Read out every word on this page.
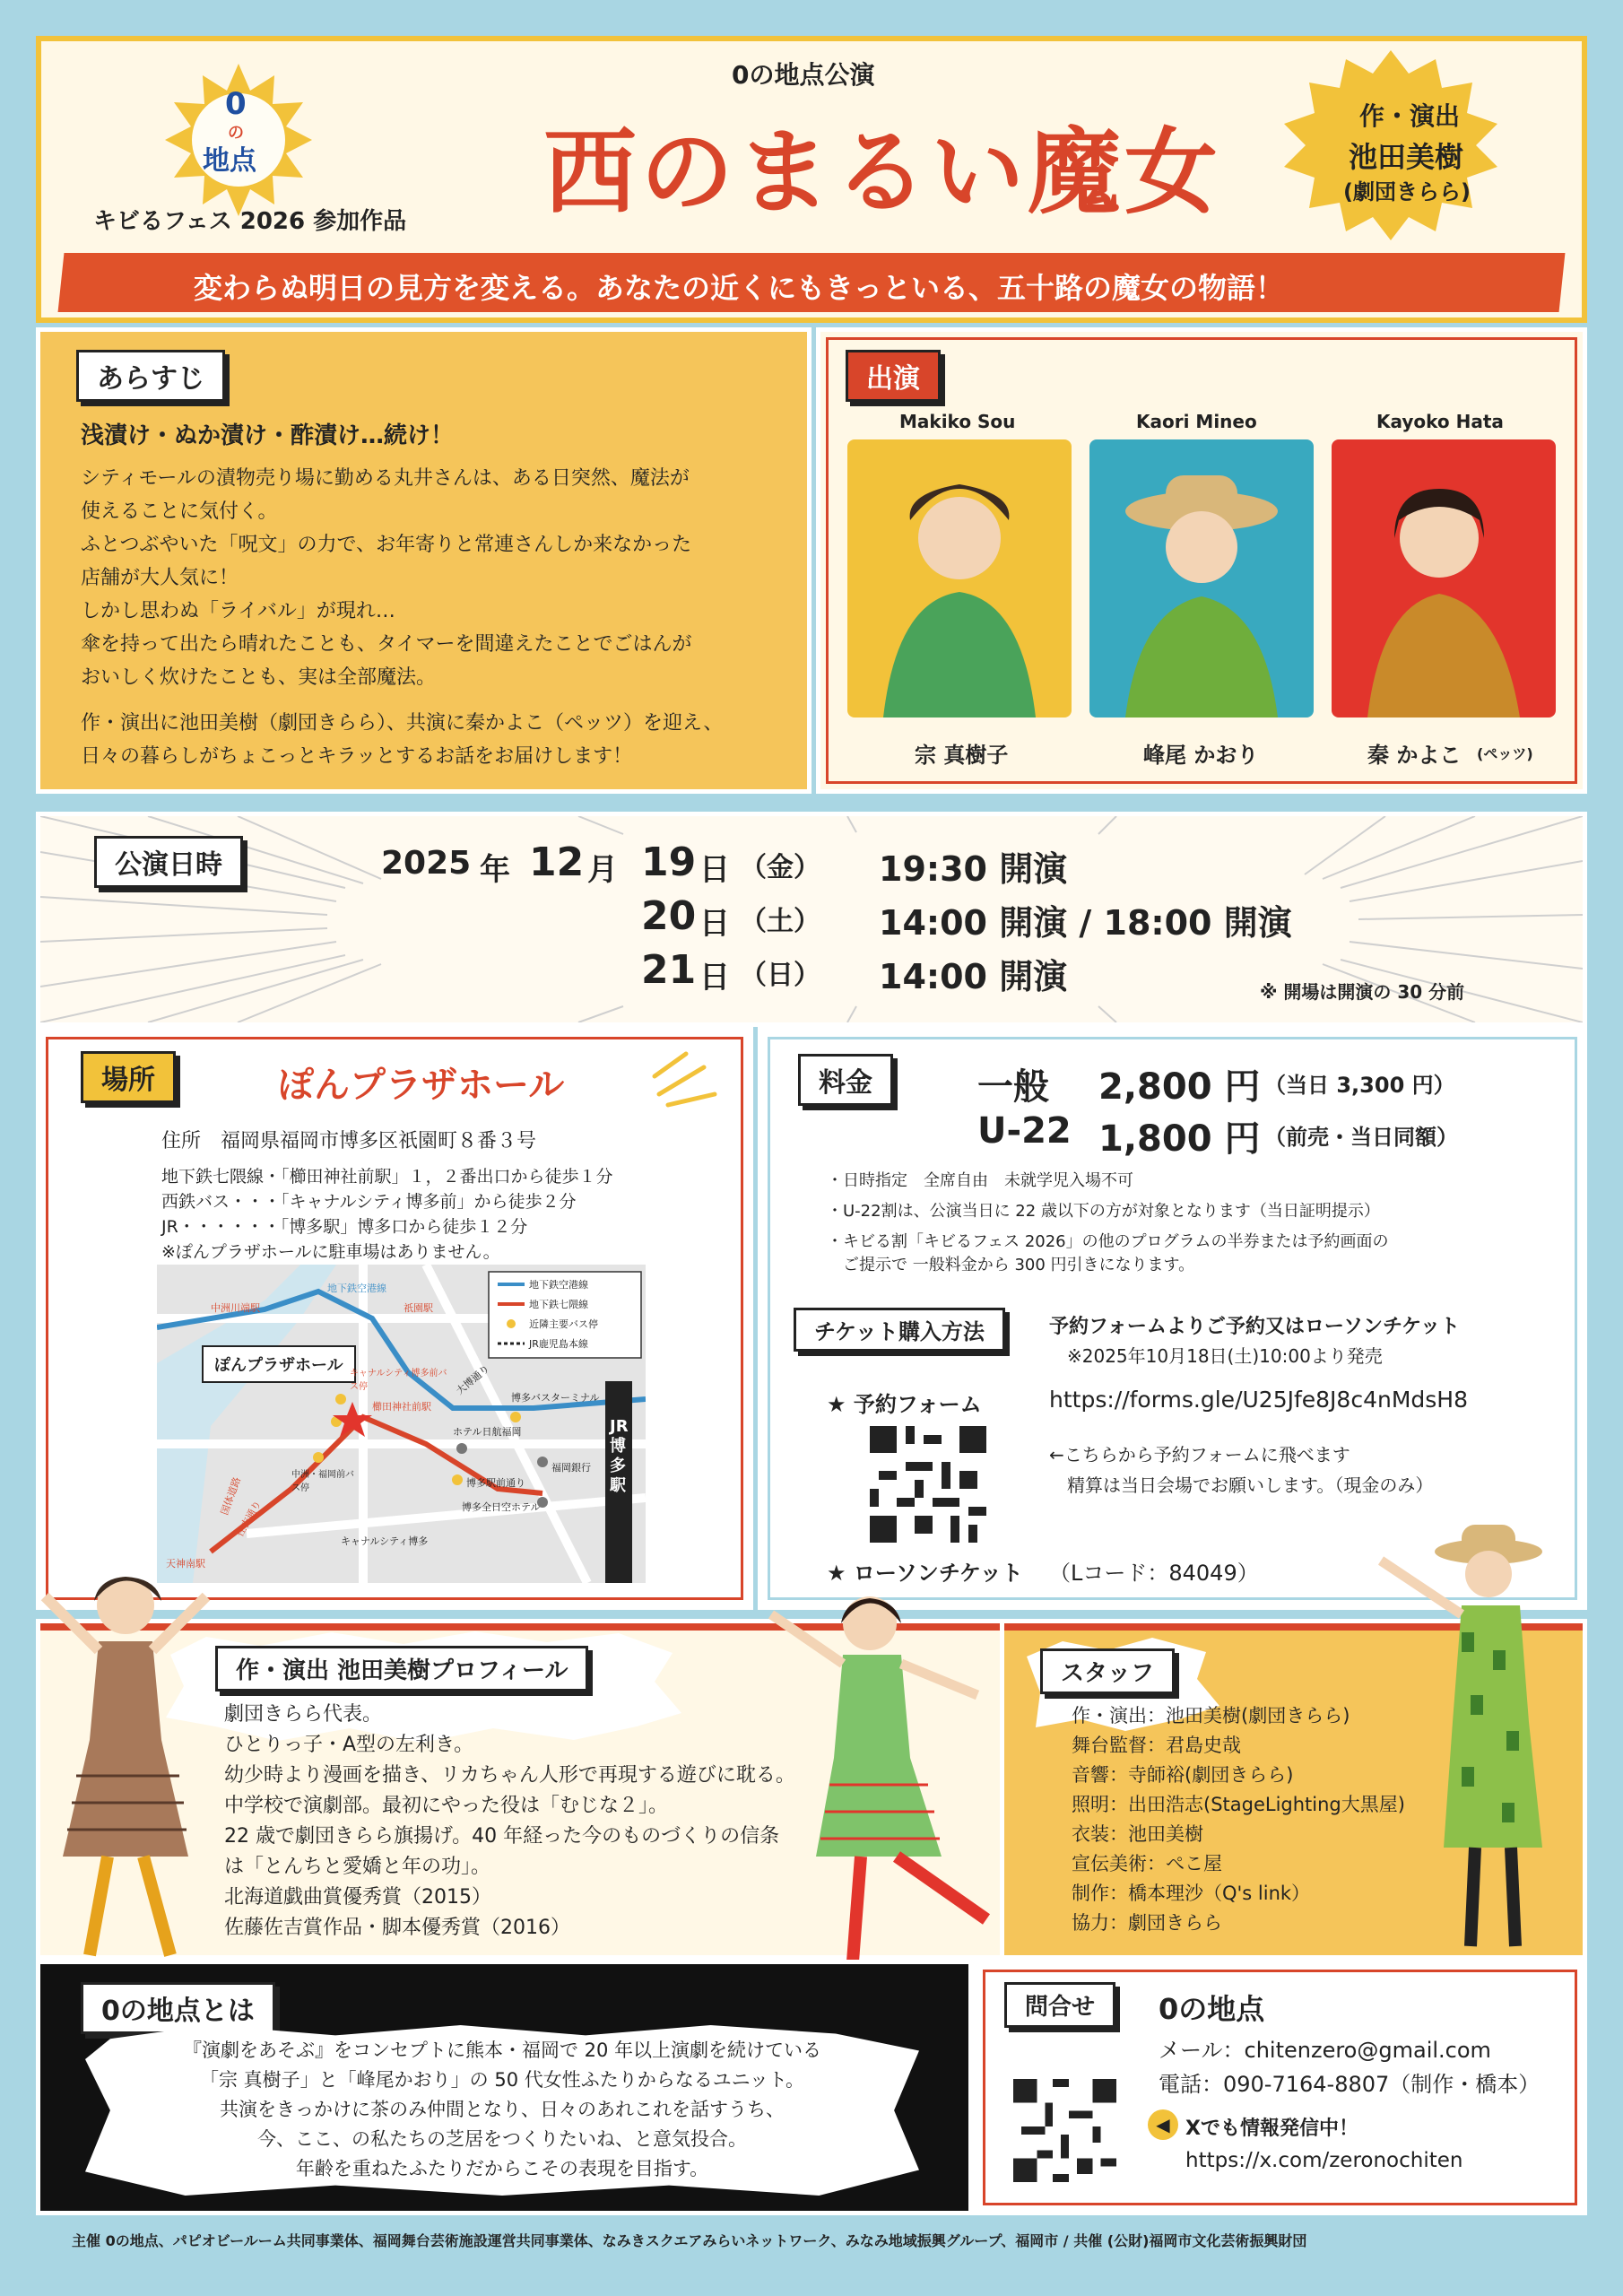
0
の
地点
キビるフェス 2026 参加作品
0の地点公演
西のまるい魔女
作・演出
池田美樹
(劇団きらら)
変わらぬ明日の見方を変える。あなたの近くにもきっといる、五十路の魔女の物語！
あらすじ
浅漬け・ぬか漬け・酢漬け…続け！
シティモールの漬物売り場に勤める丸井さんは、ある日突然、魔法が
使えることに気付く。
ふとつぶやいた「呪文」の力で、お年寄りと常連さんしか来なかった
店舗が大人気に！
しかし思わぬ「ライバル」が現れ…
傘を持って出たら晴れたことも、タイマーを間違えたことでごはんが
おいしく炊けたことも、実は全部魔法。
作・演出に池田美樹（劇団きらら）、共演に秦かよこ（ペッツ）を迎え、
日々の暮らしがちょこっとキラッとするお話をお届けします！
出演
Makiko Sou
宗 真樹子
Kaori Mineo
峰尾 かおり
Kayoko Hata
秦 かよこ (ペッツ)
公演日時	2025 年 12 月 19 日 （金） 19:30 開演
20 日 （土） 14:00 開演 / 18:00 開演
21 日 （日） 14:00 開演	※ 開場は開演の 30 分前
場所	ぽんプラザホール
住所　福岡県福岡市博多区祇園町８番３号
地下鉄七隈線・「櫛田神社前駅」１，２番出口から徒歩１分
西鉄バス・・・「キャナルシティ博多前」から徒歩２分
JR・・・・・・「博多駅」博多口から徒歩１２分
※ぽんプラザホールに駐車場はありません。
地下鉄空港線
地下鉄七隈線
近隣主要バス停
JR鹿児島本線
ぽんプラザホール
JR博多駅
中洲川端駅
地下鉄空港線
祇園駅
キャナルシティ博多前バス停
櫛田神社前駅
大博通り
博多バスターミナル
ホテル日航福岡
中洲・福岡前バス停	博多駅前通り
福岡銀行
博多全日空ホテル
キャナルシティ博多
国体道路
住吉通り
天神南駅
料金	一般 2,800 円 （当日 3,300 円）
U-22 1,800 円 （前売・当日同額）
・日時指定　全席自由　未就学児入場不可
・U-22割は、公演当日に 22 歳以下の方が対象となります（当日証明提示）
・キビる割「キビるフェス 2026」の他のプログラムの半券または予約画面の
　ご提示で 一般料金から 300 円引きになります。
チケット購入方法	予約フォームよりご予約又はローソンチケット
※2025年10月18日(土)10:00より発売
★ 予約フォーム	https://forms.gle/U25Jfe8J8c4nMdsH8
←こちらから予約フォームに飛べます
精算は当日会場でお願いします。（現金のみ）
★ ローソンチケット （Lコード：84049）
作・演出 池田美樹プロフィール
劇団きらら代表。
ひとりっ子・A型の左利き。
幼少時より漫画を描き、リカちゃん人形で再現する遊びに耽る。
中学校で演劇部。最初にやった役は「むじな２」。
22 歳で劇団きらら旗揚げ。40 年経った今のものづくりの信条
は「とんちと愛嬌と年の功」。
北海道戯曲賞優秀賞（2015）
佐藤佐吉賞作品・脚本優秀賞（2016）
スタッフ
作・演出：池田美樹(劇団きらら)
舞台監督：君島史哉
音響：寺師裕(劇団きらら)
照明：出田浩志(StageLighting大黒屋)
衣装：池田美樹
宣伝美術：ぺこ屋
制作：橋本理沙（Q's link）
協力：劇団きらら
0の地点とは
『演劇をあそぶ』をコンセプトに熊本・福岡で 20 年以上演劇を続けている
「宗 真樹子」と「峰尾かおり」の 50 代女性ふたりからなるユニット。
共演をきっかけに茶のみ仲間となり、日々のあれこれを話すうち、
今、ここ、の私たちの芝居をつくりたいね、と意気投合。
年齢を重ねたふたりだからこその表現を目指す。
問合せ	0の地点
メール：chitenzero@gmail.com
電話：090-7164-8807（制作・橋本）
◀ Xでも情報発信中！
https://x.com/zeronochiten
主催 0の地点、パピオビールーム共同事業体、福岡舞台芸術施設運営共同事業体、なみきスクエアみらいネットワーク、みなみ地域振興グループ、福岡市 / 共催 (公財)福岡市文化芸術振興財団
